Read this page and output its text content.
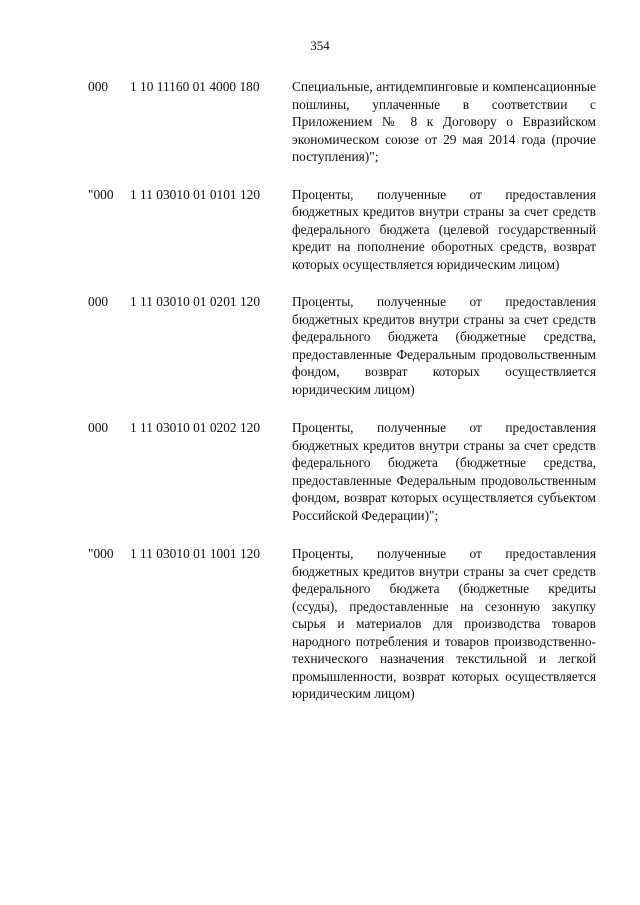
354
000	1 10 11160 01 4000 180	Специальные, антидемпинговые и компенсационные пошлины, уплаченные в соответствии с Приложением № 8 к Договору о Евразийском экономическом союзе от 29 мая 2014 года (прочие поступления)";
"000	1 11 03010 01 0101 120	Проценты, полученные от предоставления бюджетных кредитов внутри страны за счет средств федерального бюджета (целевой государственный кредит на пополнение оборотных средств, возврат которых осуществляется юридическим лицом)
000	1 11 03010 01 0201 120	Проценты, полученные от предоставления бюджетных кредитов внутри страны за счет средств федерального бюджета (бюджетные средства, предоставленные Федеральным продовольственным фондом, возврат которых осуществляется юридическим лицом)
000	1 11 03010 01 0202 120	Проценты, полученные от предоставления бюджетных кредитов внутри страны за счет средств федерального бюджета (бюджетные средства, предоставленные Федеральным продовольственным фондом, возврат которых осуществляется субъектом Российской Федерации)";
"000	1 11 03010 01 1001 120	Проценты, полученные от предоставления бюджетных кредитов внутри страны за счет средств федерального бюджета (бюджетные кредиты (ссуды), предоставленные на сезонную закупку сырья и материалов для производства товаров народного потребления и товаров производственно-технического назначения текстильной и легкой промышленности, возврат которых осуществляется юридическим лицом)
